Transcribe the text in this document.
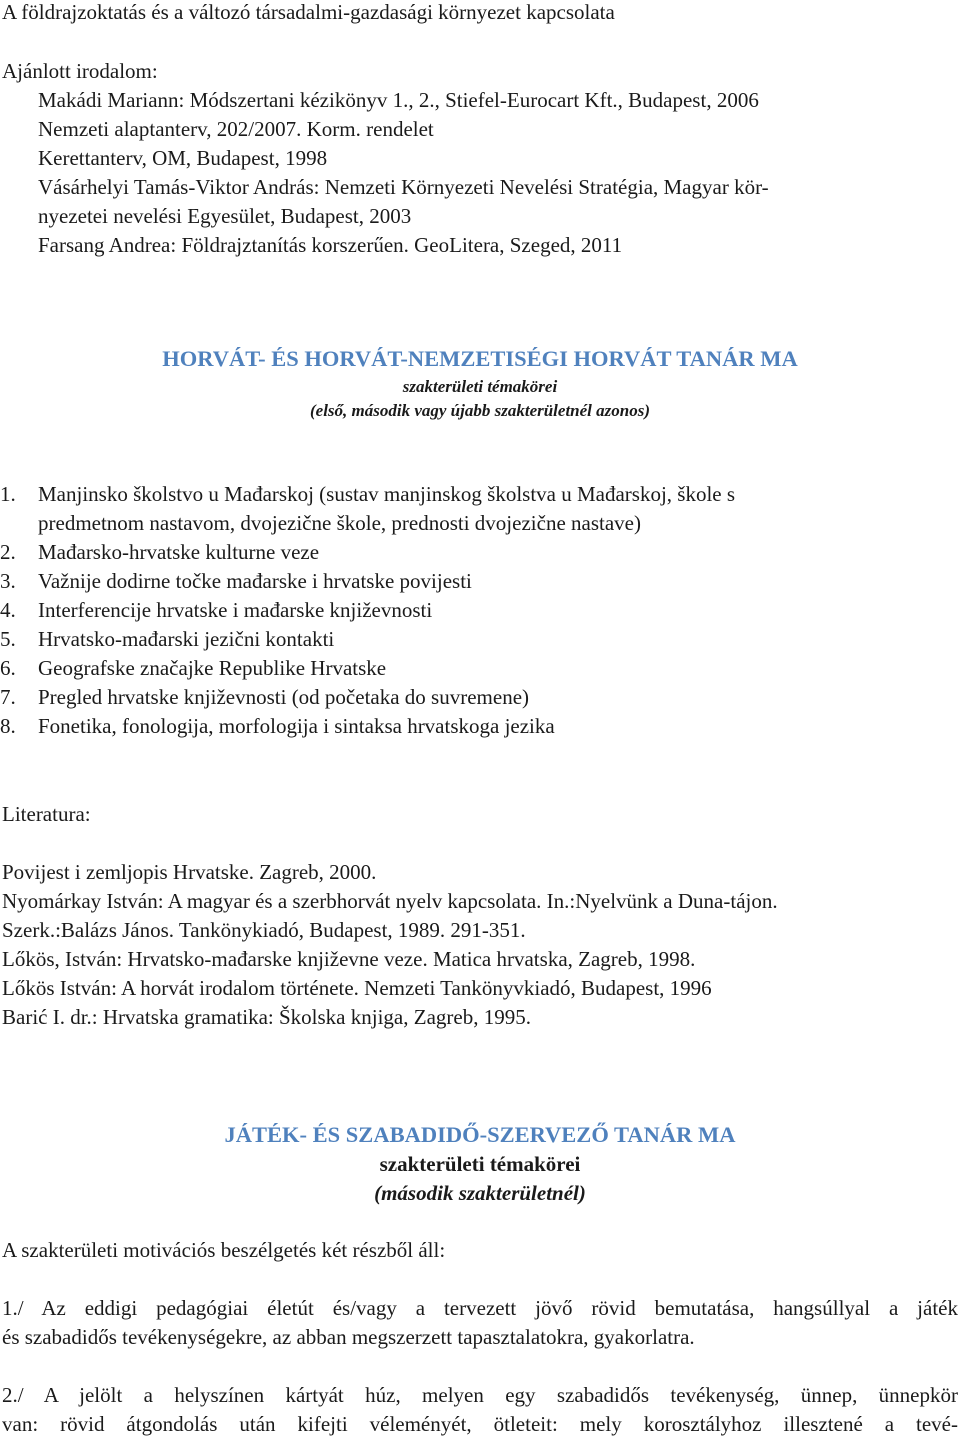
A földrajzoktatás és a változó társadalmi-gazdasági környezet kapcsolata
Ajánlott irodalom:
Makádi Mariann: Módszertani kézikönyv 1., 2., Stiefel-Eurocart Kft., Budapest, 2006
Nemzeti alaptanterv, 202/2007. Korm. rendelet
Kerettanterv, OM, Budapest, 1998
Vásárhelyi Tamás-Viktor András: Nemzeti Környezeti Nevelési Stratégia, Magyar kör-
nyezetei nevelési Egyesület, Budapest, 2003
Farsang Andrea: Földrajztanítás korszerűen. GeoLitera, Szeged, 2011
HORVÁT- ÉS HORVÁT-NEMZETISÉGI HORVÁT TANÁR MA
szakterületi témakörei
(első, második vagy újabb szakterületnél azonos)
1. Manjinsko školstvo u Mađarskoj (sustav manjinskog školstva u Mađarskoj, škole s
predmetnom nastavom, dvojezične škole, prednosti dvojezične nastave)
2. Mađarsko-hrvatske kulturne veze
3. Važnije dodirne točke mađarske i hrvatske povijesti
4. Interferencije hrvatske i mađarske književnosti
5. Hrvatsko-mađarski jezični kontakti
6. Geografske značajke Republike Hrvatske
7. Pregled hrvatske književnosti (od početaka do suvremene)
8. Fonetika, fonologija, morfologija i sintaksa hrvatskoga jezika
Literatura:
Povijest i zemljopis Hrvatske. Zagreb, 2000.
Nyomárkay István: A magyar és a szerbhorvát nyelv kapcsolata. In.:Nyelvünk a Duna-tájon.
Szerk.:Balázs János. Tankönykiadó, Budapest, 1989. 291-351.
Lőkös, István: Hrvatsko-mađarske književne veze. Matica hrvatska, Zagreb, 1998.
Lőkös István: A horvát irodalom története. Nemzeti Tankönyvkiadó, Budapest, 1996
Barić I. dr.: Hrvatska gramatika: Školska knjiga, Zagreb, 1995.
JÁTÉK- ÉS SZABADIDŐ-SZERVEZŐ TANÁR MA
szakterületi témakörei
(második szakterületnél)
A szakterületi motivációs beszélgetés két részből áll:
1./ Az eddigi pedagógiai életút és/vagy a tervezett jövő rövid bemutatása, hangsúllyal a játék
és szabadidős tevékenységekre, az abban megszerzett tapasztalatokra, gyakorlatra.
2./ A jelölt a helyszínen kártyát húz, melyen egy szabadidős tevékenység, ünnep, ünnepkör
van: rövid átgondolás után kifejti véleményét, ötleteit: mely korosztályhoz illesztené a tevé-
